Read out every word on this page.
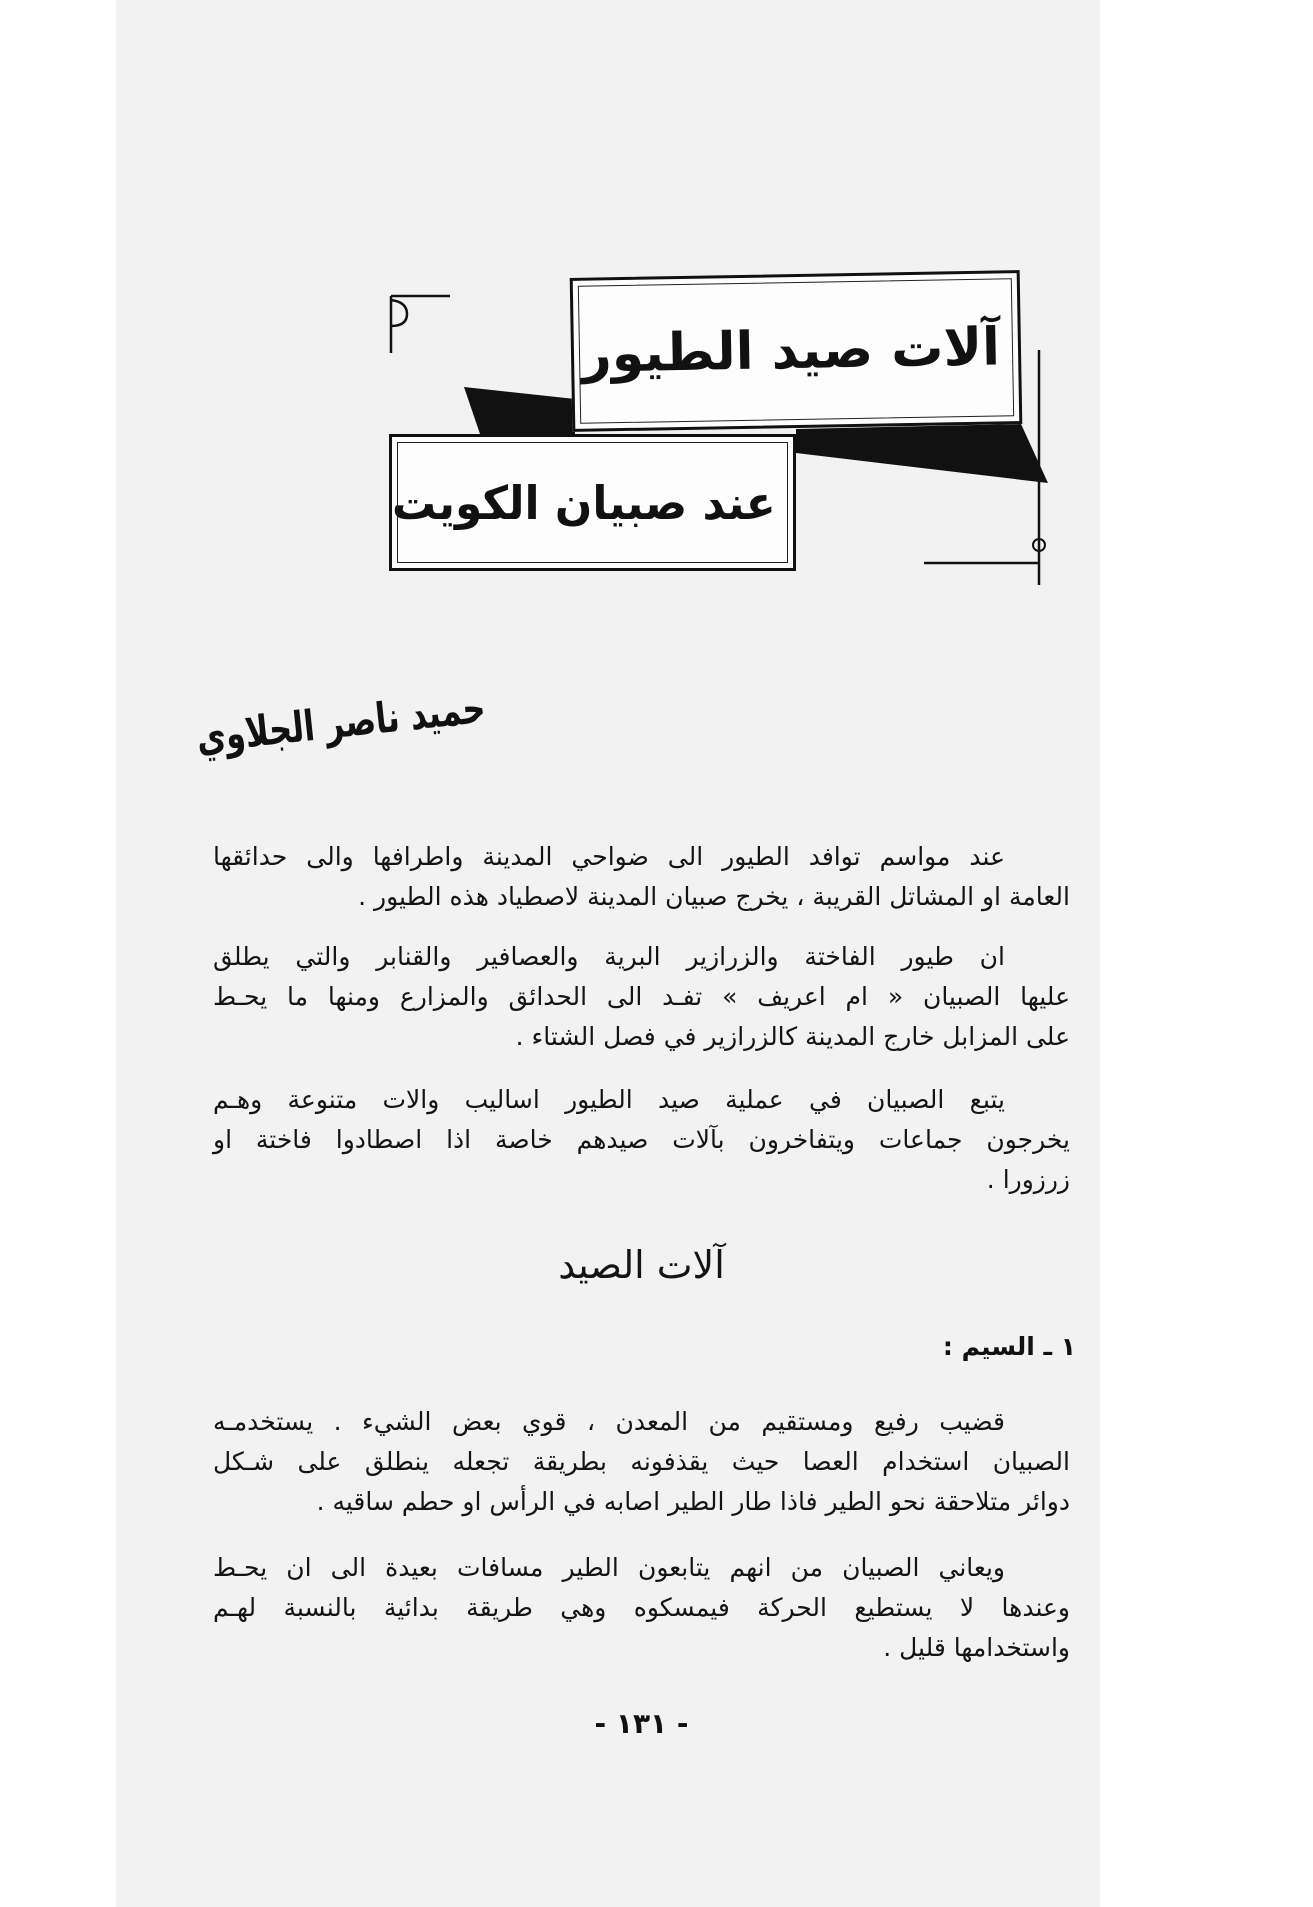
آلات صيد الطيور
عند صبيان الكويت
حميد ناصر الجلاوي
عند مواسم توافد الطيور الى ضواحي المدينة واطرافها والى حدائقها
العامة او المشاتل القريبة ، يخرج صبيان المدينة لاصطياد هذه الطيور .
ان طيور الفاختة والزرازير البرية والعصافير والقنابر والتي يطلق
عليها الصبيان « ام اعريف » تفـد الى الحدائق والمزارع ومنها ما يحـط
على المزابل خارج المدينة كالزرازير في فصل الشتاء .
يتبع الصبيان في عملية صيد الطيور اساليب والات متنوعة وهـم
يخرجون جماعات ويتفاخرون بآلات صيدهم خاصة اذا اصطادوا فاختة او
زرزورا .
آلات الصيد
١ ـ السيم :
قضيب رفيع ومستقيم من المعدن ، قوي بعض الشيء . يستخدمـه
الصبيان استخدام العصا حيث يقذفونه بطريقة تجعله ينطلق على شـكل
دوائر متلاحقة نحو الطير فاذا طار الطير اصابه في الرأس او حطم ساقيه .
ويعاني الصبيان من انهم يتابعون الطير مسافات بعيدة الى ان يحـط
وعندها لا يستطيع الحركة فيمسكوه وهي طريقة بدائية بالنسبة لهـم
واستخدامها قليل .
- ١٣١ -
